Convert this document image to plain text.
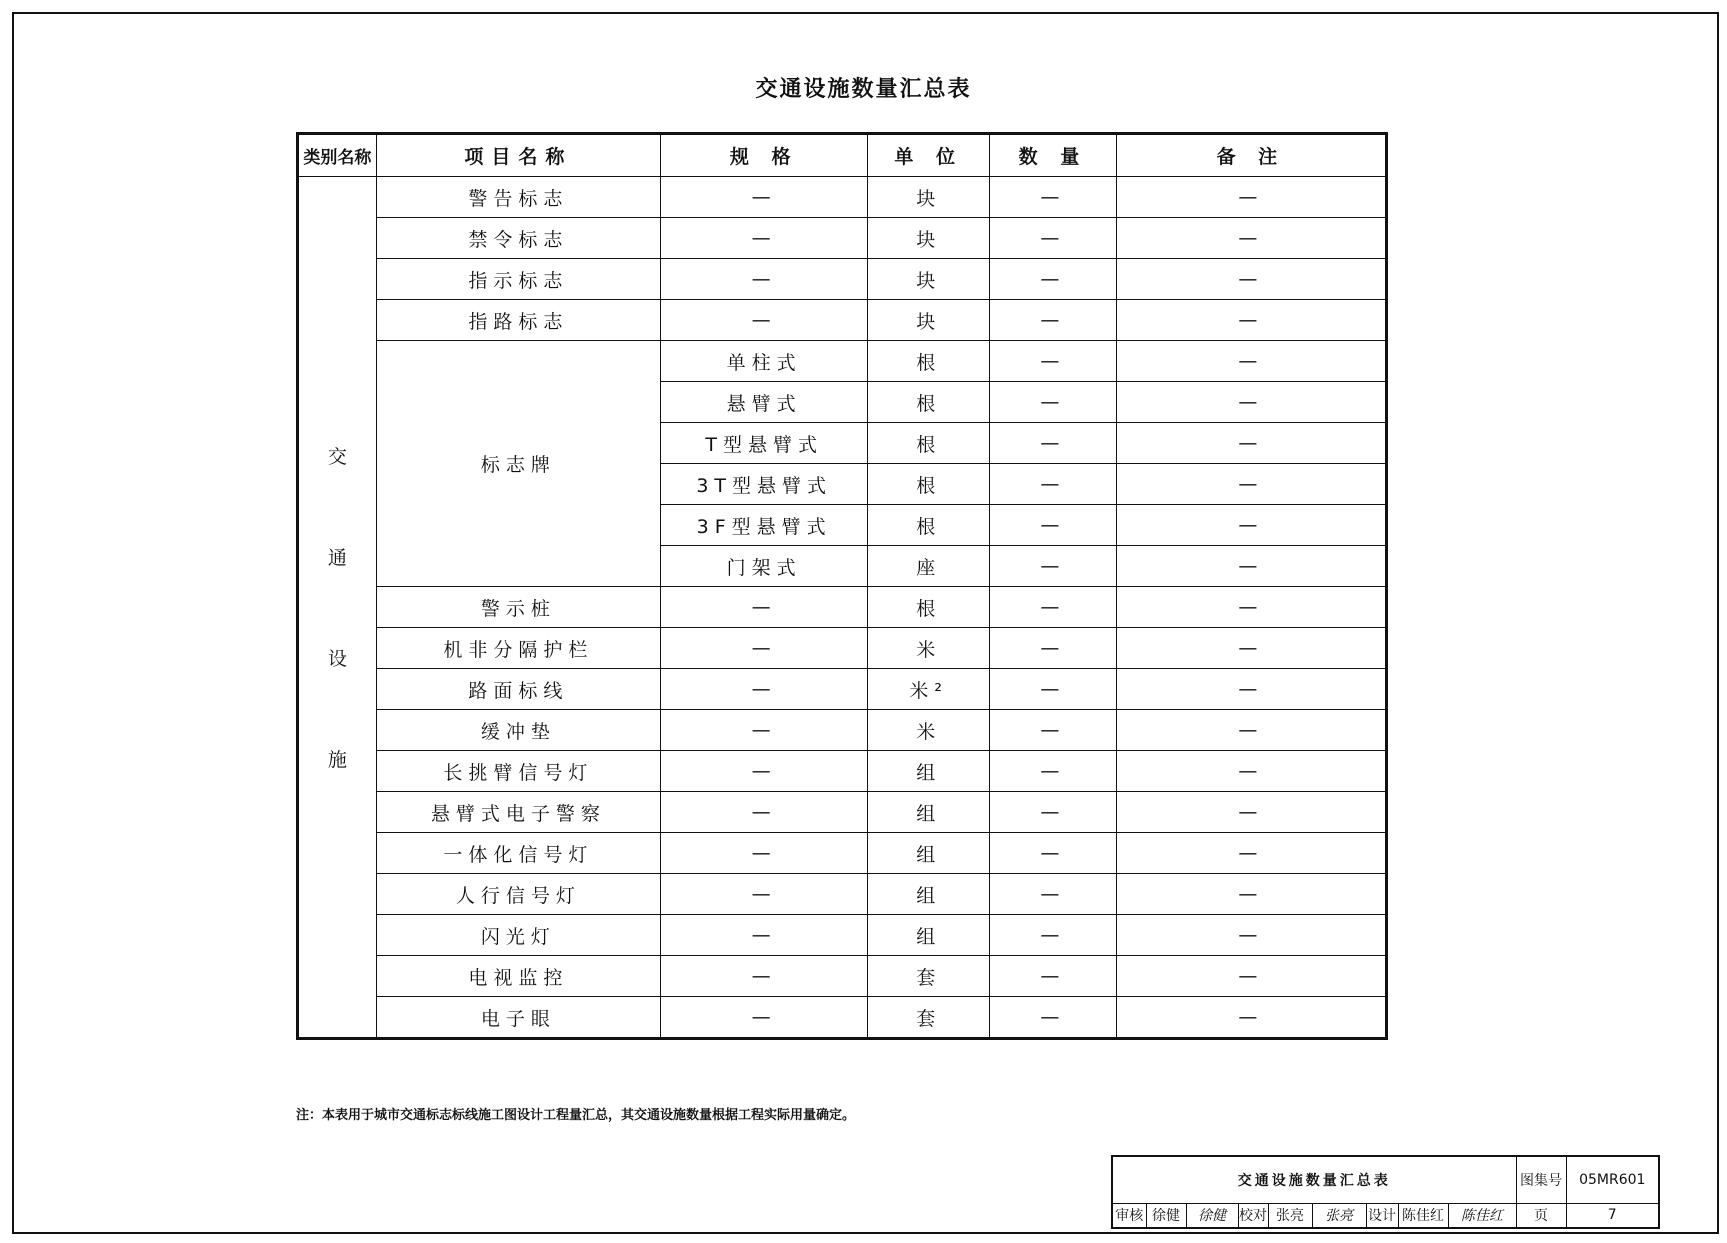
交通设施数量汇总表
类别名称	项目名称	规 格	单 位	数 量	备 注

交
通
设
施	警告标志	—	块	—	—
	禁令标志	—	块	—	—
	指示标志	—	块	—	—
	指路标志	—	块	—	—
	标志牌	单柱式	根	—	—
		悬臂式	根	—	—
		T型悬臂式	根	—	—
		3T型悬臂式	根	—	—
		3F型悬臂式	根	—	—
		门架式	座	—	—
	警示桩	—	根	—	—
	机非分隔护栏	—	米	—	—
	路面标线	—	米²	—	—
	缓冲垫	—	米	—	—
	长挑臂信号灯	—	组	—	—
	悬臂式电子警察	—	组	—	—
	一体化信号灯	—	组	—	—
	人行信号灯	—	组	—	—
	闪光灯	—	组	—	—
	电视监控	—	套	—	—
	电子眼	—	套	—	—
注：本表用于城市交通标志标线施工图设计工程量汇总，其交通设施数量根据工程实际用量确定。
交通设施数量汇总表									图集号	05MR601
审核	徐健	徐健	校对	张亮	张亮	设计	陈佳红	陈佳红	页	7
